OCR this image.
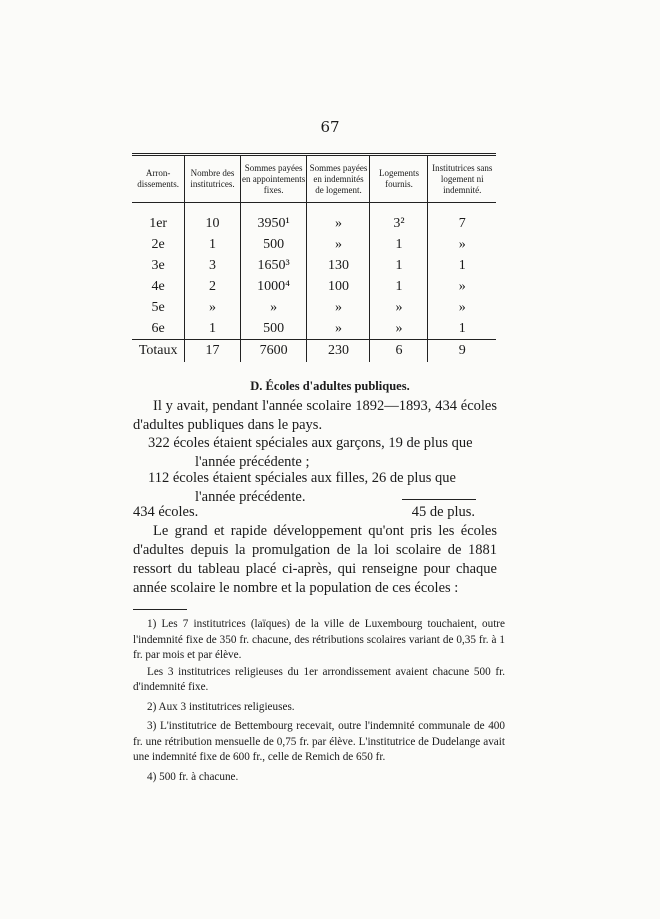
67
Arron-dissements.	Nombre des institutrices.	Sommes payées en appointements fixes.	Sommes payées en indemnités de logement.	Logements fournis.	Institutrices sans logement ni indemnité.
1er	10	3950¹	»	3²	7
2e	1	500	»	1	»
3e	3	1650³	130	1	1
4e	2	1000⁴	100	1	»
5e	»	»	»	»	»
6e	1	500	»	»	1
Totaux	17	7600	230	6	9
D. Écoles d'adultes publiques.
Il y avait, pendant l'année scolaire 1892—1893, 434 écoles d'adultes publiques dans le pays.
322 écoles étaient spéciales aux garçons, 19 de plus que
l'année précédente ;
112 écoles étaient spéciales aux filles, 26 de plus que
l'année précédente.
434 écoles.	45 de plus.
Le grand et rapide développement qu'ont pris les écoles d'adultes depuis la promulgation de la loi scolaire de 1881 ressort du tableau placé ci-après, qui renseigne pour chaque année scolaire le nombre et la population de ces écoles :

1) Les 7 institutrices (laïques) de la ville de Luxembourg touchaient, outre l'indemnité fixe de 350 fr. chacune, des rétributions scolaires variant de 0,35 fr. à 1 fr. par mois et par élève.

Les 3 institutrices religieuses du 1er arrondissement avaient chacune 500 fr. d'indemnité fixe.

2) Aux 3 institutrices religieuses.

3) L'institutrice de Bettembourg recevait, outre l'indemnité communale de 400 fr. une rétribution mensuelle de 0,75 fr. par élève. L'institutrice de Dudelange avait une indemnité fixe de 600 fr., celle de Remich de 650 fr.

4) 500 fr. à chacune.
